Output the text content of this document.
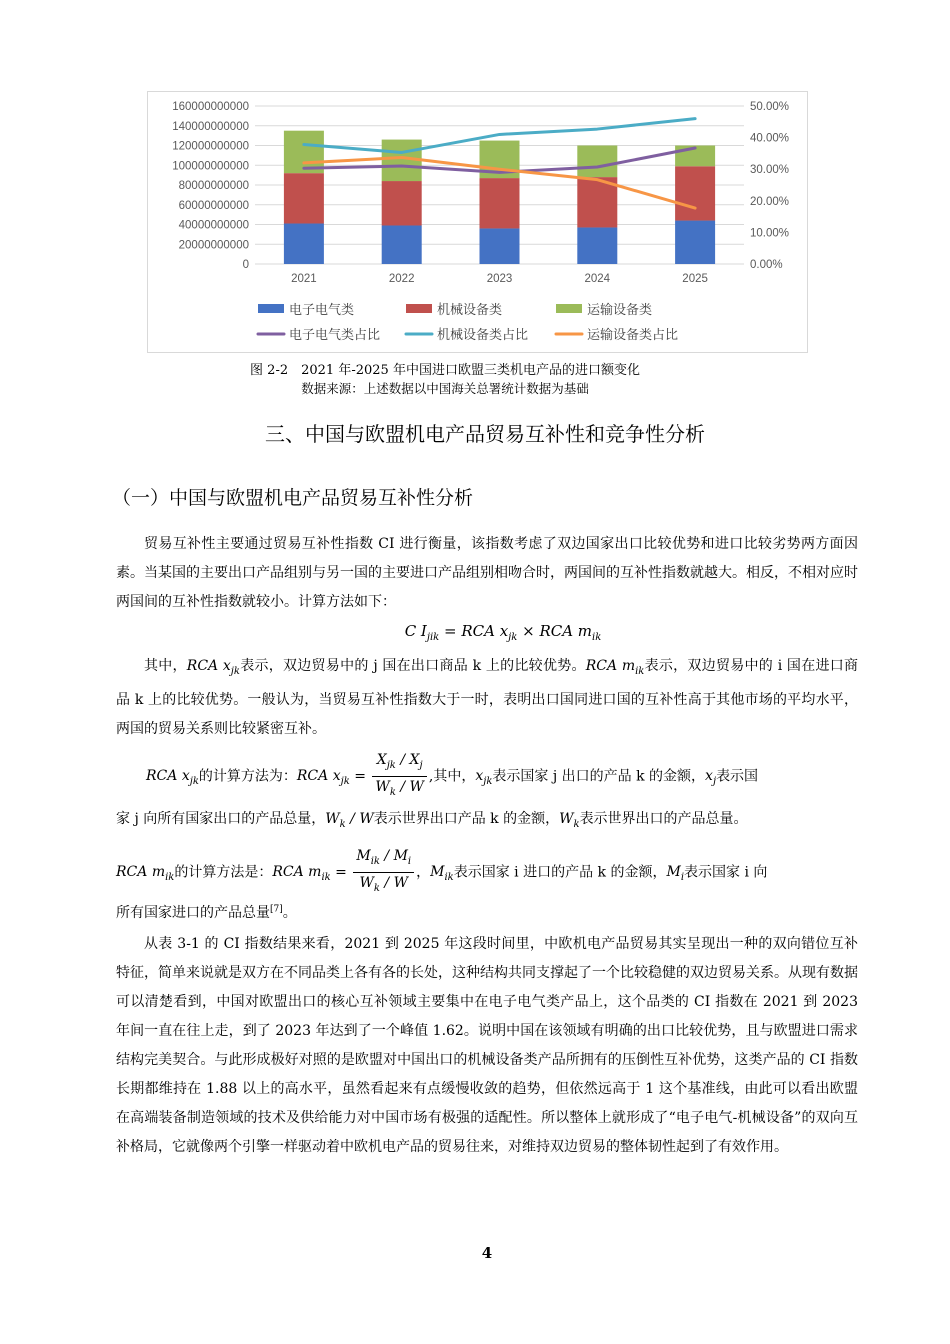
160000000000
140000000000
120000000000
100000000000
80000000000
60000000000
40000000000
20000000000
0
50.00%
40.00%
30.00%
20.00%
10.00%
0.00%
2021	2022	2023	2024	2025
电子电气类	机械设备类	运输设备类
电子电气类占比	机械设备类占比	运输设备类占比
图 2-2　2021 年-2025 年中国进口欧盟三类机电产品的进口额变化
数据来源：上述数据以中国海关总署统计数据为基础
三、中国与欧盟机电产品贸易互补性和竞争性分析
（一）中国与欧盟机电产品贸易互补性分析
贸易互补性主要通过贸易互补性指数 CI 进行衡量，该指数考虑了双边国家出口比较优势和进口比较劣势两方面因素。当某国的主要出口产品组别与另一国的主要进口产品组别相吻合时，两国间的互补性指数就越大。相反，不相对应时两国间的互补性指数就较小。计算方法如下：
C $I_{jik}$ = RCA $x_{jk}$ × RCA $m_{ik}$
其中，RCA $x_{jk}$表示，双边贸易中的 j 国在出口商品 k 上的比较优势。RCA $m_{ik}$表示，双边贸易中的 i 国在进口商品 k 上的比较优势。一般认为，当贸易互补性指数大于一时，表明出口国同进口国的互补性高于其他市场的平均水平，两国的贸易关系则比较紧密互补。
RCA $x_{jk}$的计算方法为：RCA $x_{jk} = \frac{X_{jk} / X_j}{W_k / W}$ ,其中，$x_{jk}$表示国家 j 出口的产品 k 的金额，$x_j$表示国
家 j 向所有国家出口的产品总量，$W_k$ / W表示世界出口产品 k 的金额，$W_k$表示世界出口的产品总量。
RCA $m_{ik}$的计算方法是：RCA $m_{ik} = \frac{M_{ik} / M_i}{W_k / W}$ ，$M_{ik}$表示国家 i 进口的产品 k 的金额，$M_i$表示国家 i 向
所有国家进口的产品总量[7]。
从表 3-1 的 CI 指数结果来看，2021 到 2025 年这段时间里，中欧机电产品贸易其实呈现出一种的双向错位互补特征，简单来说就是双方在不同品类上各有各的长处，这种结构共同支撑起了一个比较稳健的双边贸易关系。从现有数据可以清楚看到，中国对欧盟出口的核心互补领域主要集中在电子电气类产品上，这个品类的 CI 指数在 2021 到 2023 年间一直在往上走，到了 2023 年达到了一个峰值 1.62。说明中国在该领域有明确的出口比较优势，且与欧盟进口需求结构完美契合。与此形成极好对照的是欧盟对中国出口的机械设备类产品所拥有的压倒性互补优势，这类产品的 CI 指数长期都维持在 1.88 以上的高水平，虽然看起来有点缓慢收敛的趋势，但依然远高于 1 这个基准线，由此可以看出欧盟在高端装备制造领域的技术及供给能力对中国市场有极强的适配性。所以整体上就形成了“电子电气-机械设备”的双向互补格局，它就像两个引擎一样驱动着中欧机电产品的贸易往来，对维持双边贸易的整体韧性起到了有效作用。
4
